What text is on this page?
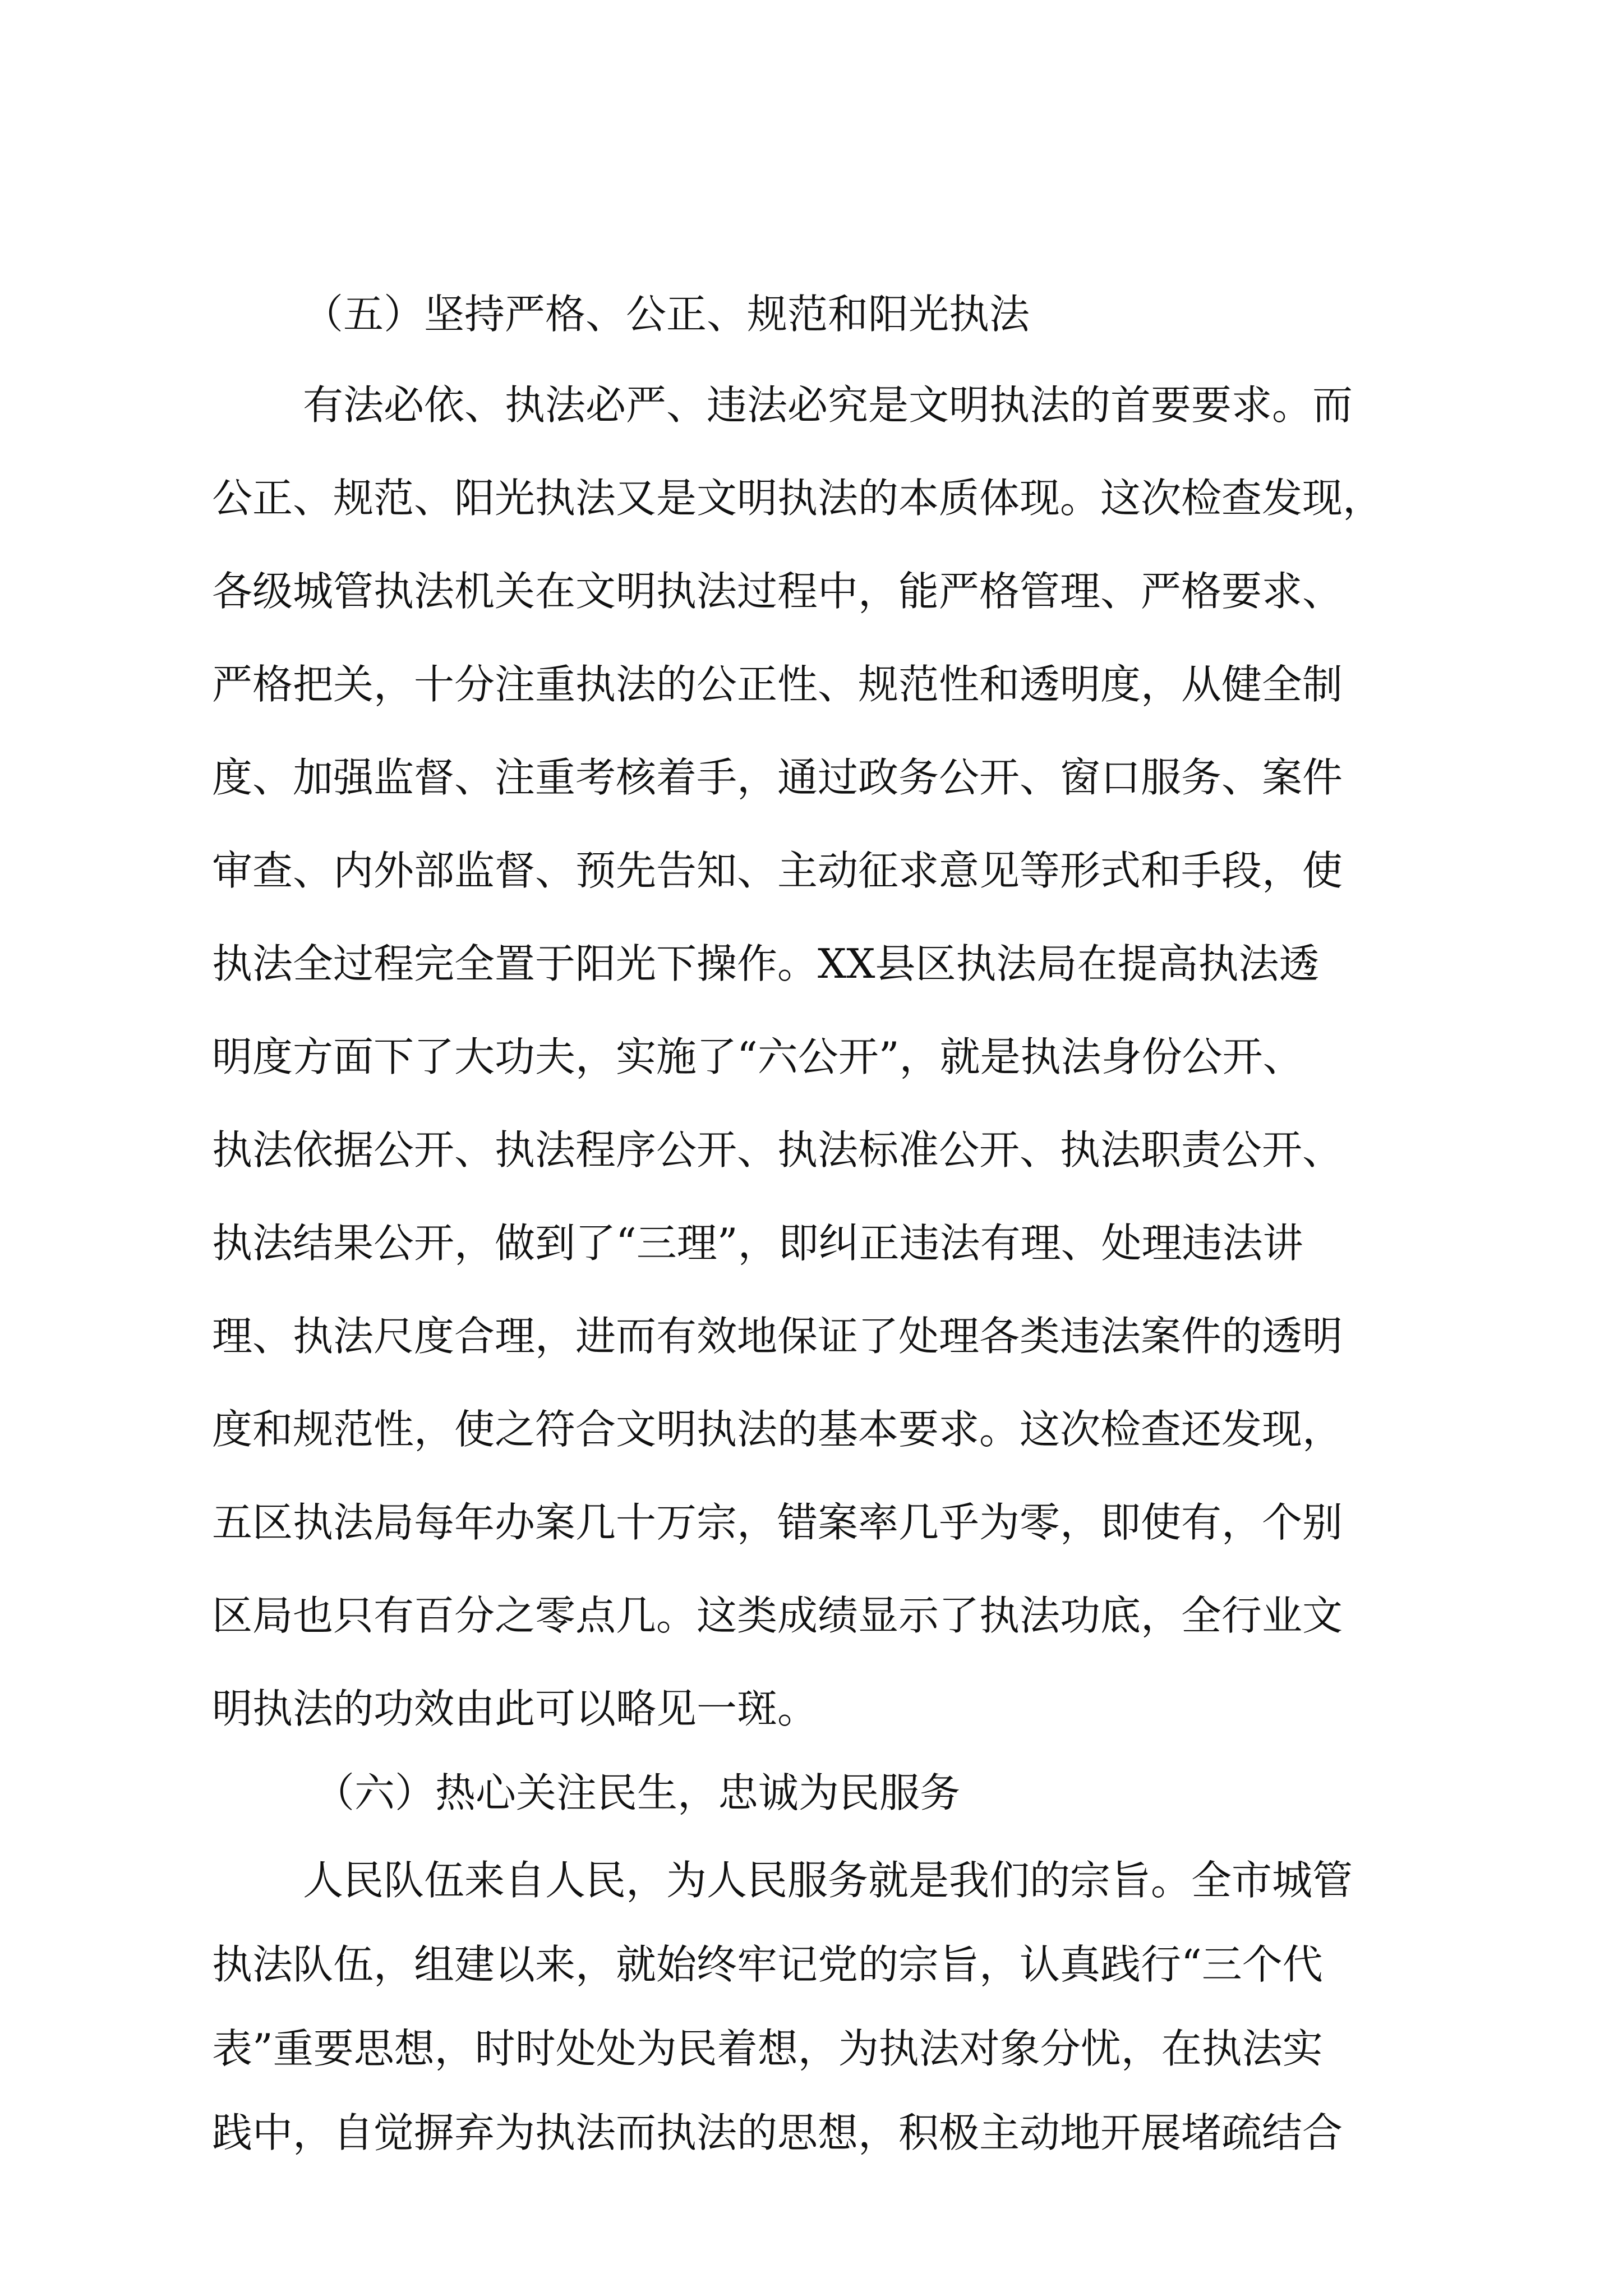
（五）坚持严格、公正、规范和阳光执法
有法必依、执法必严、违法必究是文明执法的首要要求。而
公正、规范、阳光执法又是文明执法的本质体现。这次检查发现，
各级城管执法机关在文明执法过程中，能严格管理、严格要求、
严格把关，十分注重执法的公正性、规范性和透明度，从健全制
度、加强监督、注重考核着手，通过政务公开、窗口服务、案件
审查、内外部监督、预先告知、主动征求意见等形式和手段，使
执法全过程完全置于阳光下操作。XX县区执法局在提高执法透
明度方面下了大功夫，实施了“六公开”，就是执法身份公开、
执法依据公开、执法程序公开、执法标准公开、执法职责公开、
执法结果公开，做到了“三理”，即纠正违法有理、处理违法讲
理、执法尺度合理，进而有效地保证了处理各类违法案件的透明
度和规范性，使之符合文明执法的基本要求。这次检查还发现，
五区执法局每年办案几十万宗，错案率几乎为零，即使有，个别
区局也只有百分之零点几。这类成绩显示了执法功底，全行业文
明执法的功效由此可以略见一斑。
（六）热心关注民生，忠诚为民服务
人民队伍来自人民，为人民服务就是我们的宗旨。全市城管
执法队伍，组建以来，就始终牢记党的宗旨，认真践行“三个代
表”重要思想，时时处处为民着想，为执法对象分忧，在执法实
践中，自觉摒弃为执法而执法的思想，积极主动地开展堵疏结合
